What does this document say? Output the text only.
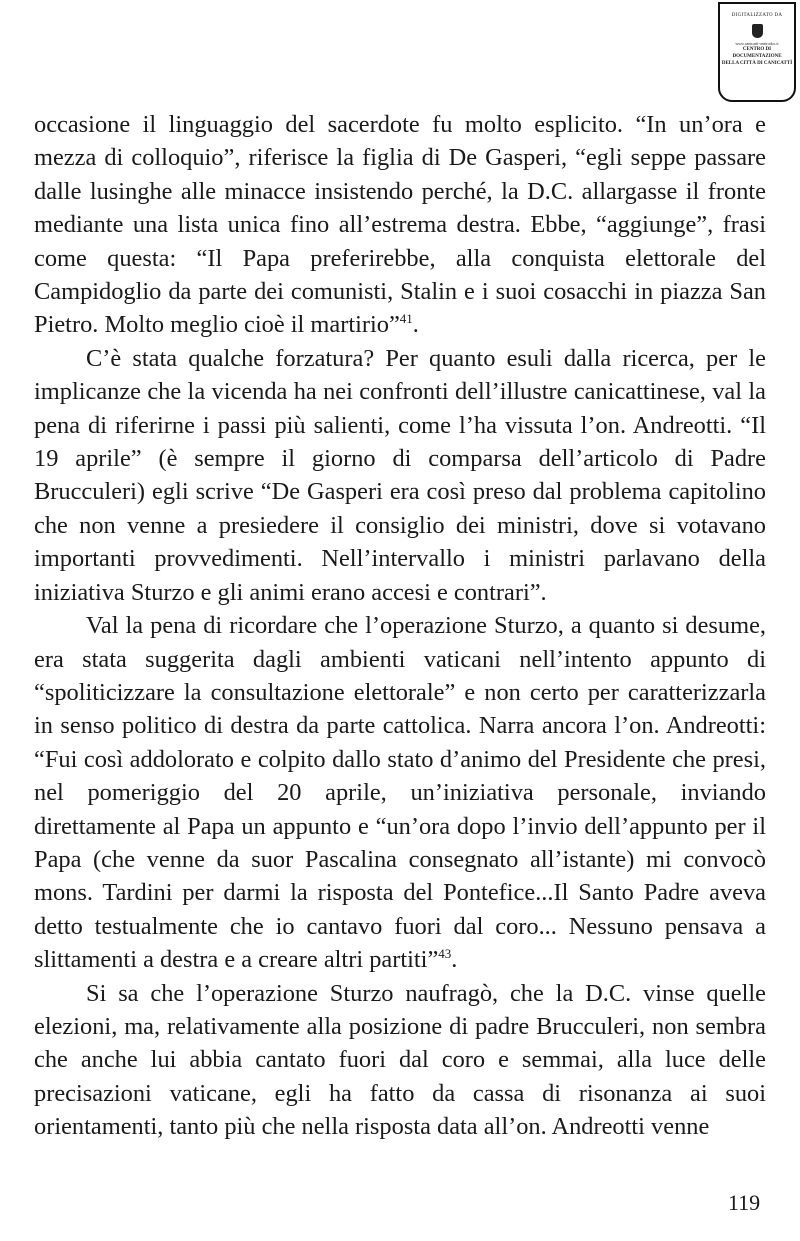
DIGITALIZZATO DA
www.canicatti-centrodoc.it
CENTRO DI DOCUMENTAZIONE
DELLA CITTÀ DI CANICATTÌ

occasione il linguaggio del sacerdote fu molto esplicito. “In un’ora e mezza di colloquio”, riferisce la figlia di De Gasperi, “egli seppe passare dalle lusinghe alle minacce insistendo perché, la D.C. allargasse il fronte mediante una lista unica fino all’estrema destra. Ebbe, “aggiunge”, frasi come questa: “Il Papa preferirebbe, alla conquista elettorale del Campidoglio da parte dei comunisti, Stalin e i suoi cosacchi in piazza San Pietro. Molto meglio cioè il martirio”$^{41}$.

C’è stata qualche forzatura? Per quanto esuli dalla ricerca, per le implicanze che la vicenda ha nei confronti dell’illustre canicattinese, val la pena di riferirne i passi più salienti, come l’ha vissuta l’on. Andreotti. “Il 19 aprile” (è sempre il giorno di comparsa dell’articolo di Padre Brucculeri) egli scrive “De Gasperi era così preso dal problema capitolino che non venne a presiedere il consiglio dei ministri, dove si votavano importanti provvedimenti. Nell’intervallo i ministri parlavano della iniziativa Sturzo e gli animi erano accesi e contrari”.

Val la pena di ricordare che l’operazione Sturzo, a quanto si desume, era stata suggerita dagli ambienti vaticani nell’intento appunto di “spoliticizzare la consultazione elettorale” e non certo per caratterizzarla in senso politico di destra da parte cattolica. Narra ancora l’on. Andreotti: “Fui così addolorato e colpito dallo stato d’animo del Presidente che presi, nel pomeriggio del 20 aprile, un’iniziativa personale, inviando direttamente al Papa un appunto e “un’ora dopo l’invio dell’appunto per il Papa (che venne da suor Pascalina consegnato all’istante) mi convocò mons. Tardini per darmi la risposta del Pontefice...Il Santo Padre aveva detto testualmente che io cantavo fuori dal coro... Nessuno pensava a slittamenti a destra e a creare altri partiti”$^{43}$.

Si sa che l’operazione Sturzo naufragò, che la D.C. vinse quelle elezioni, ma, relativamente alla posizione di padre Brucculeri, non sembra che anche lui abbia cantato fuori dal coro e semmai, alla luce delle precisazioni vaticane, egli ha fatto da cassa di risonanza ai suoi orientamenti, tanto più che nella risposta data all’on. Andreotti venne

119
